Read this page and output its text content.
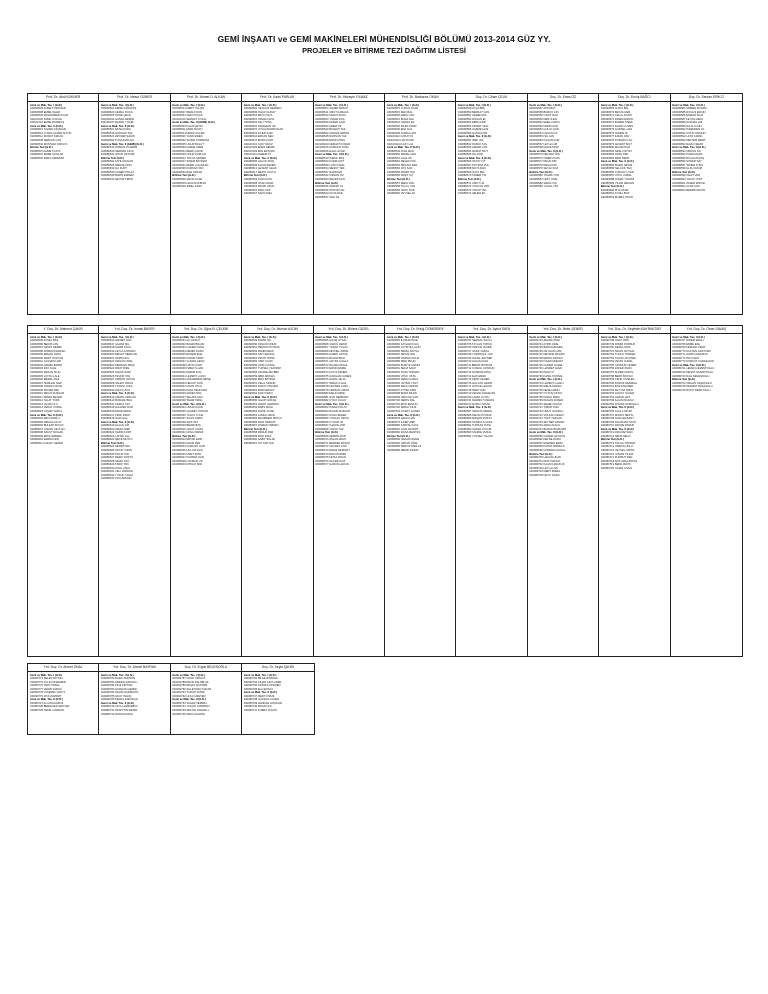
GEMİ İNŞAATI ve GEMİ MAKİNELERİ MÜHENDİSLİĞİ BÖLÜMÜ 2013-2014 GÜZ YY.
PROJELER ve BİTİRME TEZİ DAĞITIM LİSTESİ
Prof. Dr. Abdi KÜKNER
Gemi ve Mak. Tas. I (G.D.)
040090505 AHMET ÖZÇINAR
040090508 EMRE İŞLER
040090546 MUHAMMED ACAR
040100102 KAMİL KOCAK
040100712 EMRE DURMUŞ
Gemi ve Mak. Tas. II (G.D.)
040080516 TAHSİN AKÇINAR
040080524 YUSUF ALPER ALTUN
040090512 MURAT ÖZKAN
040090538 SERKAN CAN
040090543 MUSTAFA ÖZKAYA
Bitirme Tezi (G.D.)
040080507 AHMET KAYA
040080521 EMRE ÇAĞLAR
040080545 ESRA ÖZDEMİR
Prof. Dr. Mesut GÜNER
Gemi ve Mak. Tas. I (G.D.)
040090503 EMRE KARAKAŞ
040090520 CEMAL KOCA
040090525 ÖZGE ÇELİK
040100104 HASAN DEMİR
040100107 BURAK YÜCEL
Gemi ve Mak. Tas. II (G.D.)
040080501 MUSA KARA
040080518 GÖKHAN TAŞ
040080523 ZEYNEP ŞAHİN
040090506 TUNA ARSLAN
Gemi ve Mak. Tas. II (GEMİ) (G.D.)
040080512 OSMAN YILDIRIM
040080530 SERDAR KILIÇ
040080531 ONUR ÖZTÜRK
Bitirme Tezi (G.D.)
040080504 FATİH DOĞAN
040080525 MERVE AKIN
040080533 ALİ KURT
040080540 CANER POLAT
040080548 BARIŞ ERDEM
040090510 ŞEYMA TEKİN
Prof. Dr. Ahmet D. ALKAN
Gemi ve Mak. Tas. I (G.D.)
040090514 MERT YALÇIN
040090527 İREM AYDIN
040090534 CEM KOÇAK
040100110 SERHAT UYSAL
Gemi ve Mak. Tas. II (GEMİ) (G.D.)
040080503 KAAN ÇETİN
040080511 EMİR AKSOY
040080514 DENİZ GÜLER
040080526 YASİN EREN
040080532 ALPER KORKMAZ
040080535 UĞUR BULUT
040080539 GİZEM ÖZER
040080541 BERK ÇAKIR
040080546 ONUR KAPLAN
040090501 TOLGA ŞİMŞEK
040090517 SİNEM BAYRAM
040090531 EMRE ÇALIŞKAN
040090536 FURKAN TAN
040090540 EGE ÖZKAN
Bitirme Tezi (G.D.)
040080506 SELİN ACAR
040080519 HAKAN DURAN
040080529 SİBEL KARA
Prof. Dr. Kadri PARLAK
Gemi ve Mak. Tas. I (G.D.)
040090502 CEYHUN DEMİRCİ
040090509 OĞUZ GÜNAY
040090516 BATU KAYA
040090522 ORHAN AVCI
040090529 ASLI TUNÇ
040090532 RAMAZAN ÖZ
040090537 VOLKAN ERDOĞAN
040090541 İLKER SARI
040090544 ERKAN ŞEN
040090547 BORA KURT
040100101 CAN YAVUZ
040100105 ENES DEMİR
040100109 EFE ERTÜRK
040100111 KEREM AY
Gemi ve Mak. Tas. II (G.D.)
040080505 HALUK İNCE
040080509 İLHAN SEZER
040080513 LEVENT ÇELİK
040080517 METİN SOYLU
Bitirme Tezi (G.D.)
040080502 NURİ KAYA
040080508 OKAN AKAR
040080515 PINAR UZUN
040080522 RIZA GÖK
040080527 SAMİ ÖZEL
Prof. Dr. Hüseyin YILMAZ
Gemi ve Mak. Tas. I (G.D.)
040090504 TAMER ERSOY
040090511 UMUT KARACA
040090519 VEDAT AKSU
040090523 YAŞAR KOÇ
040090528 ZAFER ÇAM
040090533 ADEM ÖZ
040090539 BÜLENT TAŞ
040090542 CENGİZ ERTEN
040090545 DURSUN YAZ
040090548 ERSİN ATEŞ
040100103 FERHAT KOÇER
040100106 GÜRKAN TUNA
040100108 HALİL ACAR
Gemi ve Mak. Tas. II (G.D.)
040080510 İSMAİL BAŞ
040080520 KADİR ÇİFT
040080528 LÜTFİ ORAL
040080534 MESUT TEK
040080537 NAZIM ER
040080542 OSMAN ÖZ
040080544 RECEP KAN
Bitirme Tezi (G.D.)
040080536 SAFFET AL
040080538 TAYFUN ÖN
040080543 UFUK EKE
040080547 VELİ AŞ
Prof. Dr. Barbaros OKAN
Gemi ve Mak. Tas. I (G.D.)
040090513 YUNUS ACAR
040090515 ZEKİ BAL
040090518 ARDA CAN
040090521 BORA DAL
040090524 CANSU EK
040090526 DİLEK FIRAT
040090530 EDA GÜL
040090535 FUNDA HAS
040100112 GÖKAY İN
040100113 HAYRİ KIR
040100114 İLKAY LAL
Gemi ve Mak. Tas. II (G.D.)
040080549 JALE MAN
040080550 KEMAL NAS
040080551 LALE OK
040080552 MELEK PAK
040080553 NEVZAT RES
040080554 OYA SAN
040080555 PAMİR TAŞ
040080556 RAŞİT UÇ
Bitirme Tezi (G.D.)
040080557 SEDA VAR
040080558 TÜLAY YAN
040080559 UMAY ZOR
040080560 VEYSEL AK
Doç. Dr. Cihan ÇELİK
Gemi ve Mak. Tas. I (G.D.)
040090549 AYÇA BEK
040090550 BERKAY CAN
040090551 CEREN DİK
040090552 DOĞAN EL
040090553 EBRU FER
040090554 FİKRET GÜN
040090555 GAMZE HOŞ
040090556 HÜSNÜ IŞIK
Gemi ve Mak. Tas. II (G.D.)
040080561 İPEK JOL
040080562 KORAY KUL
040080563 LEMAN LOK
040080564 MURAT MUT
040080565 NİL NUR
Gemi ve Mak. Tas. II (G.D.)
040080566 OKTAY OT
040080567 POYRAZ PUL
040080568 RÜYA RAN
040080569 SUAT SEL
040080570 TAMER TİN
Bitirme Tezi (G.D.)
040080571 UMUT UZ
040080572 VOLKAN VAR
040080573 YAKUP YEL
040080574 ZEHRA ZİL
Doç. Dr. Ertan ÖZ
Gemi ve Mak. Tas. I (G.D.)
040090557 AKIN BAY
040090558 BURCU CİN
040090559 CAHİT DAĞ
040090560 DERYA EN
040090561 EMEL FİDAN
040090562 FERDİ GÖK
040090563 GÜLAY HAN
040090564 HASAN İLK
040090565 IŞIL JAN
040090566 KAĞAN KOR
040090567 LEYLA LİM
040090568 MÜGE MOR
Gemi ve Mak. Tas. II (G.D.)
040080575 NECDET NİŞ
040080576 ÖMER OCAK
040080577 PELİN PİR
040080578 REHA RAF
040080579 SEVGİ SÖZ
Bitirme Tezi (G.D.)
040080580 TUĞBA TUR
040080581 ÜMİT ÜNAL
040080582 VEDİA VİŞ
040080583 YÜCEL YAS
Doç. Dr. Ercüş BAĞCI
Gemi ve Mak. Tas. I (G.D.)
040090569 ALPAY BAL
040090570 BEYZA CEM
040090571 CELAL DURU
040090572 DİDEM ENGİN
040090573 ENDER FİŞEK
040090574 FAHRİ GÜVEN
040090575 GÜRSEL HAS
040090576 HANDE İŞ
040090577 İHSAN KAN
040090578 KORHAN LAÇ
040090579 LEVENT MUT
040090580 MAHİR NAR
040090581 NESLİ OKTAY
040090582 OZAN PEK
040090583 PERİ RENK
Gemi ve Mak. Tas. II (G.D.)
040080584 RAŞİD SEVİM
040080585 SELÇUK TAN
040080586 TURGAY UYAR
040080587 UTKU VURAL
040080588 VURAL YILMAZ
040080589 YILDIZ ZENGİN
Bitirme Tezi (G.D.)
040080590 ZİYA AKAR
040080591 AYSEL BOZ
040080592 BÜŞRA CİVAN
Doç. Dr. Serkan ERİKCİ
Gemi ve Mak. Tas. I (G.D.)
040090584 CEMRE DOĞRU
040090585 DOĞUŞ ERGİN
040090586 EMRAH FİLİZ
040090587 FEYZA GENÇ
040090588 GÖKSEL HIZ
040090589 HİLAL ILGIN
040090590 İSKENDER JİL
040090591 KUTAY KESKİN
040090592 LATİF LİMAN
040090593 MELTEM MERT
040090594 NAZLI NEHİR
Gemi ve Mak. Tas. II (G.D.)
040080593 ORKUN OK
040080594 PINAR PARS
040080595 RÜÇHAN RAŞ
040080596 SONER SAY
040080597 TANER TUNA
040080598 ÜLKÜ ÜZÜM
Bitirme Tezi (G.D.)
040080599 VAHİT VAR
040080600 YAVUZ YİĞİT
040080601 ZAFER ZİNCİR
040080602 ALTAN ARI
040080603 BERRİN BAYIR
Y. Doç. Dr. Mahmut ÇAKIR
Gemi ve Mak. Tas. I (G.D.)
040090595 AKSEL BAŞ
040090596 BEKİR CAN
040090597 CEVAT DEMİR
040090598 DURMUŞ ERKAN
040090599 ERHAN FAZLI
040090600 FERİT GÖKTAŞ
040090601 GÜLŞEN HAN
040090602 HAMZA IRMAK
040090603 İNCİ JALE
040090604 KENAN KILIÇ
040090605 LÜTFÜ LALE
040090606 MERAL MAZ
040090607 NURHAN NAR
040090608 OSMAN OKUR
040090609 PAKİZE PEK
040090610 RECAİ RÜZGAR
040090611 SEMİH SEVER
040090612 TALAT TÜRK
040090613 UĞUR ULU
040090614 VEDAT VURAL
040090615 YAŞAR YAZICI
Gemi ve Mak. Tas. II (G.D.)
040080604 ZEKİ ZORLU
040080605 ABDULLAH AY
040080606 BÜLENT BULUT
040080607 CANAN CEYLAN
040080608 DAVUT DOĞAN
040080609 EROL ERDEM
040080610 FERDA FER
040080611 GÜNAY GEZER
Yrd. Doç. Dr. İsmail BAYER
Gemi ve Mak. Tas. I (G.D.)
040090616 HİKMET HAS
040090617 İLHAMİ IŞIL
040090618 KADRİ KAYA
040090619 LEYLA LOKMAN
040090620 MESUT MERCAN
040090621 NAZİM NAL
040090622 ORHAN ORAL
040090623 PERİHAN PAŞA
040090624 RIFAT RİZE
040090625 SAVAŞ SARI
040090626 TEVFİK TAŞ
040090627 ÜMRAN ÜSTÜN
040090628 VAHAP VİRAN
040090629 YILMAZ YAKA
040090630 ZÜLFÜ ZİYA
Gemi ve Mak. Tas. II (G.D.)
040080612 ADNAN ARSLAN
040080613 BURHAN BAL
040080614 CEMAL CİN
040080615 DİLAVER DUR
040080616 ENGİN EROL
040080617 FİKRİ FIRAT
040080618 GAZİ GÜL
Gemi ve Mak. Tas. II (G.D.)
040080619 HALUK HIZ
040080620 İHSAN İPEK
040080621 KAZIM KURT
040080622 LATİFE LAL
040080623 METE MUTLU
Bitirme Tezi (G.D.)
040080624 NEDİM NAZ
040080625 OKTAY OZAN
040080626 POLAT PİR
040080627 REFİK RÜŞTÜ
040080628 SADIK SOY
040080629 TARIK TOK
040080630 ÜNAL ÜNLÜ
040080631 VELİ VARDAR
040080632 YUSUF YAĞIZ
040080633 ZİYA ZENGİN
Yrd. Doç. Dr. Oğuz B. ÇELEBİ
Gemi ve Mak. Tas. I (G.D.)
040090631 ALİ AKSOY
040090632 BAHRİ BİLGİN
040090633 CAFER CANLI
040090634 DEMİR DURU
040090635 EKREM EĞE
040090636 FARUK FIRAT
040090637 GÜVEN GENÇ
040090638 HAYATİ HAN
040090639 İSMET İLHAN
040090640 KERİM KOÇ
040090641 LEVENT LAÇİN
040090642 MUHARREM MEŞE
040090643 NECATİ NUR
040090644 OKAN OTLU
040090645 PAŞA PEHLİVAN
040090646 RAMİZ RAN
040090647 SELAMİ SAĞ
040090648 TAHİR TEKE
Gemi ve Mak. Tas. II (G.D.)
040080634 UMUR UÇAR
040080635 VAHDET VİCDAN
040080636 YAHYA YÜCE
040080637 ZAHİT ZARİF
040080638 ARİF ATA
040080639 BEDRİ BAŞ
040080640 CİHAT CİVAN
040080641 DOĞU DENİZ
Bitirme Tezi (G.D.)
040080642 ERTAN ERİK
040080643 FEVZİ FER
040080644 GÜRCAN GÜR
040080645 HULUSİ HAS
040080646 İZZET İNAN
040080647 KUDRET KAR
040080648 LOKMAN LİS
040080649 MİTHAT MİR
Yrd. Doç. Dr. Muhsin AYDIN
Gemi ve Mak. Tas. I (G.D.)
040090649 NAMIK NİL
040090650 ORHUN ONUR
040090651 PERVİN POYRAZ
040090652 RAHMİ REİS
040090653 SAİT SEVİNÇ
040090654 TEKİN TOPAL
040090655 ÜMİT ÜÇOK
040090656 VASFİ VURAL
040090657 YÜKSEL YILDIRIM
040090658 ZAHİDE ZEYBEK
040090659 ABDİ ARIKAN
040090660 BAKİ BAYRAK
040090661 CELİL CESUR
040090662 DAVUT DİNÇER
040090663 EMİN ERSOY
040090664 FAİK FİDAN
Gemi ve Mak. Tas. II (G.D.)
040080650 GALİP GÖKÇE
040080651 HAMİT HARMAN
040080652 İDRİS IŞIKLI
040080653 KAMİL KÖSE
040080654 LAMİA LİMAN
040080655 MUAMMER MUTLU
040080656 NACİ NERGİS
040080657 OSMAN ORMAN
Bitirme Tezi (G.D.)
040080658 PAMUK PAR
040080659 RAİF RUHİ
040080660 SABİT SOLAK
040080661 TAYYAR TAN
Yrd. Doç. Dr. Bülent GÜZEL
Gemi ve Mak. Tas. I (G.D.)
040090665 UĞUR UYSAL
040090666 VAROL VEZİR
040090667 YAŞAR YOLCU
040090668 ZEYNEL ZİRVE
040090669 AHMET AKTAŞ
040090670 BAHAR BAĞ
040090671 CEYDA ÇAĞLA
040090672 DİLARA DOĞA
040090673 ERSİN EŞME
040090674 FULYA FENER
040090675 GÖKHAN GÜNEŞ
040090676 HAZAL HİLAL
040090677 IRMAK ILGAZ
040090678 KEVSER KUZU
040090679 LERZAN LİMON
040090680 MELİH MİNE
040090681 NUR NERİMAN
040090682 OYKU OLCAY
Gemi ve Mak. Tas. II (G.D.)
040080662 PINAR POLAT
040080663 RAHİM RÜZGAR
040080664 SUNA SEZER
040080665 TUNCAY TEKİN
040080666 UYGAR UZ
040080667 VİLDAN VAR
040080668 YAVUZ YAZ
Bitirme Tezi (G.D.)
040080669 ZERRİN ZOR
040080670 ASLAN ARAS
040080671 BERKER BAŞAK
040080672 CEVDET CAN
040080673 DENİZ DEMİRCİ
040080674 ERCAN EMİR
040080675 FETHİ FİDAN
040080676 GÜLER GÖZ
040080677 HARUN HAKAN
Yrd. Doç. Dr. Ertuğ ÖZMERDEK
Gemi ve Mak. Tas. I (G.D.)
040090683 İLKNUR İNCE
040090684 KAYHAN KILIÇ
040090685 LÜTFİYE LAÇİN
040090686 MİRAÇ MUTLU
040090687 NEVİN NAS
040090688 OSMAN OĞUZ
040090689 PERİ PELİN
040090690 RUKİYE RAFET
040090691 SELVİ SAMİ
040090692 TUNA TARHAN
040090693 UTKU USTA
040090694 VEDİA VURAL
040090695 YETKİN YİĞİT
040090696 ZEKAİ ZİNCİR
040090697 AYTEN AKIN
040090698 BORA BİLEN
040090699 CEM CEYLAN
040090700 DERİN DAL
040090701 EKİN ERGÜN
040090702 FERAY FİLİZ
040090703 GÜRAY GÜNEY
Gemi ve Mak. Tas. II (G.D.)
040080678 HAKKI HAS
040080679 İLKER İPEK
040080680 KARTAL KAYA
040080681 LALE LEVENT
040080682 MUSA MENTEŞ
Bitirme Tezi (G.D.)
040080683 NAZAN NİĞDE
040080684 ÖZKAN ÖNAL
040080685 PERVİZ PARLAK
040080686 REMZİ RASİM
Yrd. Doç. Dr. Aykut SAFA
Gemi ve Mak. Tas. I (G.D.)
040090704 SERDAL SAYGI
040090705 TAYLAN TOPÇU
040090706 ÜZEYİR ÜLKER
040090707 VASIF VAROL
040090708 YURDAGÜL YAZ
040090709 ZÜHAL ZEYNEP
040090710 ALKAN AYAZ
040090711 BERAT BOSTAN
040090712 CUMALİ COŞKUN
040090713 DÜNDAR DİNÇ
040090714 ELİF EREN
040090715 FIRAT FENER
040090716 GÜLCAN GEDİK
040090717 HATİCE HASAN
040090718 İZZET IŞIN
040090719 KENAN KARAHAN
040090720 LAMİA LÜTFÜ
040090721 MAHMUT MARAŞ
040090722 NURAY NİSAN
Gemi ve Mak. Tas. II (G.D.)
040080687 ORHAN ÖZDEN
040080688 PELİN POYRAZ
040080689 RIDVAN RÜŞTÜ
040080690 SÜHEYLA SAKA
040080691 TÜRKAN TUNÇ
040080692 ÜLKER UYGUR
040080693 VAHİDE VURAL
040080694 YÜKSEL YALÇIN
Yrd. Doç. Dr. Bekir ŞENER
Gemi ve Mak. Tas. I (G.D.)
040090723 ZEHRA ZAİM
040090724 AYDIN ARAL
040090725 BARAN BAŞER
040090726 CEYHAN ÇAM
040090727 DEVRİM DOĞRU
040090728 ERDAL ERCAN
040090729 FİGEN FERHAT
040090730 GÜNER GÜZEL
040090731 HASRET HAVA
040090732 İNAN İYİ
040090733 KÂMİL KÖKSAL
Gemi ve Mak. Tas. I (G.D.)
040090734 LEVENT LALELİ
040090735 MELİS MANAV
040090736 NEŞE NAMLI
040090737 OYTUN OKTAY
040090738 PARLA PERK
040090739 RUHAN RUŞEN
040090740 SEZEN SAYAN
040090741 TİMUR TARI
040090742 UMUT UĞURLU
040090743 VOLKAN VEDAT
040090744 YİĞİT YAZGAN
040090745 ZEYNEP ZAMAN
040090746 ARDA AKGÜL
040090747 BURAK BOZKURT
Gemi ve Mak. Tas. II (G.D.)
040080695 CANER CEYHUN
040080696 DEFNE DURU
040080697 EGEMEN ERİM
040080698 FATMA FİRDEVS
040080699 GÖRKEM GÜNAL
Bitirme Tezi (G.D.)
040080700 HAKAN HİLMİ
040080701 IRAZ IŞIKSAL
040080702 KAAN KARAKUŞ
040080703 LEYLA LİVA
040080704 MERT MİRZA
040080705 NİLAY NAZİK
Yrd. Doç. Dr. Seyfettin BAYRAKTAR
Gemi ve Mak. Tas. I (G.D.)
040090748 ONAT ÖRS
040090749 PAMİR PORSUK
040090750 RESUL RIZA
040090751 SİNAN SOYSAL
040090752 TUFAN TÜRKER
040090753 UĞUR ÜSTÜNEL
040090754 VECDİ VURAL
040090755 YAĞMUR YENER
040090756 ZAFER ZİHNİ
040090757 ALPER AKKOÇ
040090758 BERK BOYACI
040090759 CENK CİVELEK
040090760 DORUK DEMİRAL
040090761 ECE ENGİNER
040090762 FEYYAZ FIRIN
040090763 GÖKAY GÜLER
040090764 HAZAR HAS
040090765 İLHAN İNCESU
040090766 KIVANÇ KÖROĞLU
Gemi ve Mak. Tas. II (G.D.)
040080706 LALE LOKUM
040080707 MURAT METİN
040080708 NUR NALBANT
040080709 OĞUZHAN OKAY
040080710 PAKİZE PAMUK
Gemi ve Mak. Tas. II (G.D.)
040080711 RIZA REYHAN
040080712 SEMA SELVİ
Bitirme Tezi (G.D.)
040080713 TOLGA TOPRAK
040080714 ÜMRAN ÜNLÜ
040080715 VEYSEL VATAN
040080716 YAMAN YILDIZ
040080717 ZÜMRÜT ZEN
040080718 AKİF ARSLANTAŞ
040080719 BERİL BAYIK
040080720 CİHAN CIVAN
Yrd. Doç. Dr. Ömer SAVAŞ
Gemi ve Mak. Tas. I (G.D.)
040090767 DİDEM DAĞLI
040090768 EMRE EFE
040090769 FERHAN FIRAT
040090770 GÜLTEN GÖKTÜRK
040090771 HIDIR HAMURCU
040090772 İNCİ İÇEN
040090773 KORKUT KARAŞAHİN
Gemi ve Mak. Tas. II (G.D.)
040080721 LEMAN LEVENTOĞLU
040080722 MESUT MURATOĞLU
040080723 NAİL NEFESOĞLU
Bitirme Tezi (G.D.)
040080724 ORHAN OKANOĞLU
040080725 PERİZAT PAŞAOĞLU
040080726 RAŞİT REŞİTOĞLU
Yrd. Doç. Dr. Ahmet ÖNAL
Gemi ve Mak. Tas. I (G.D.)
040090774 SELİM SAYGILI
040090775 TÜLİN TAŞDEMİR
040090776 ÜMİT ÜNSAL
040090777 VEHBİ VARLIK
040090778 YASEMİN YAKUT
040090779 ZİYA ZÜMRÜT
Gemi ve Mak. Tas. II (G.D.)
040080727 ALİ AKGÜNDÜZ
040080728 BERNA BAYRAKTAR
040080729 CEMİL CANDAN
Yrd. Doç. Dr. Ahmet BAYRAK
Gemi ve Mak. Tas. I (G.D.)
040090780 DİLEK DURSUN
040090781 ERDİNÇ EROĞLU
040090782 FİLİZ FIRTINA
040090783 GÜRHAN GEZER
040090784 HALİM HARMANCI
040090785 İLKAY İNANÇ
040090786 KEMAL KARADAĞ
Gemi ve Mak. Tas. II (G.D.)
040080730 LEYLA LEBLEBİCİ
040080731 MUHİTTİN MENDİ
040080732 NURAN NAZLI
Doç. Dr. Ergün BELENOĞLU
Gemi ve Mak. Tas. I (G.D.)
040090787 OKAN ÖZKAYA
040090788 PELİN PALABIYIK
040090789 REŞAT RÜSTEM
040090790 SÜLEYMAN SAKAR
040090791 TURAN TATAR
040090792 ÜLKÜ ÜRETEN
Gemi ve Mak. Tas. II (G.D.)
040080733 VAHAP VERİMLİ
040080734 YALÇIN YARDIMCI
040080735 ZEKİYE ZAMANLI
040080736 ARZU AKARSU
Doç. Dr. Seyla ŞAHİN
Gemi ve Mak. Tas. I (G.D.)
040090793 BİLGE BOZDAĞ
040090794 CİHAN CEYLANER
040090795 DURSUN DİKMEN
040090796 ELA EKİNCİ
Gemi ve Mak. Tas. II (G.D.)
040080737 FERİT FİRUZ
040080738 GÜLŞAH GÜLER
040080739 HANDAN HOŞGÖR
040080740 İRFAN İŞÇİ
040080741 KÜBRA KÜÇÜK
